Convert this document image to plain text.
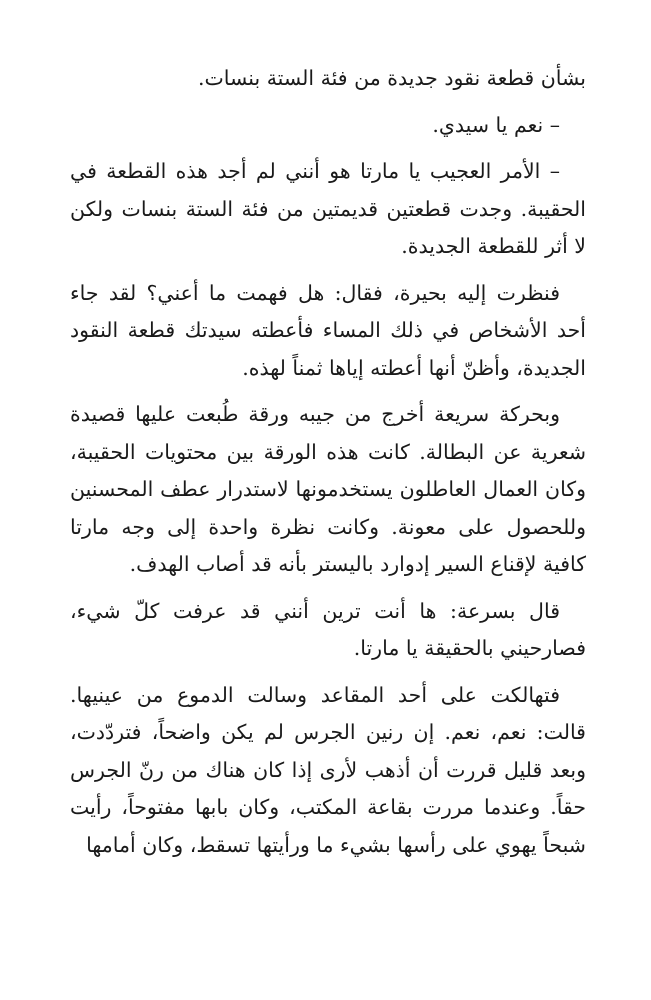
بشأن قطعة نقود جديدة من فئة الستة بنسات.

– نعم يا سيدي.

– الأمر العجيب يا مارتا هو أنني لم أجد هذه القطعة في الحقيبة. وجدت قطعتين قديمتين من فئة الستة بنسات ولكن لا أثر للقطعة الجديدة.

فنظرت إليه بحيرة، فقال: هل فهمت ما أعني؟ لقد جاء أحد الأشخاص في ذلك المساء فأعطته سيدتك قطعة النقود الجديدة، وأظنّ أنها أعطته إياها ثمناً لهذه.

وبحركة سريعة أخرج من جيبه ورقة طُبعت عليها قصيدة شعرية عن البطالة. كانت هذه الورقة بين محتويات الحقيبة، وكان العمال العاطلون يستخدمونها لاستدرار عطف المحسنين وللحصول على معونة. وكانت نظرة واحدة إلى وجه مارتا كافية لإقناع السير إدوارد باليستر بأنه قد أصاب الهدف.

قال بسرعة: ها أنت ترين أنني قد عرفت كلّ شيء، فصارحيني بالحقيقة يا مارتا.

فتهالكت على أحد المقاعد وسالت الدموع من عينيها. قالت: نعم، نعم. إن رنين الجرس لم يكن واضحاً، فتردّدت، وبعد قليل قررت أن أذهب لأرى إذا كان هناك من رنّ الجرس حقاً. وعندما مررت بقاعة المكتب، وكان بابها مفتوحاً، رأيت شبحاً يهوي على رأسها بشيء ما ورأيتها تسقط، وكان أمامها
